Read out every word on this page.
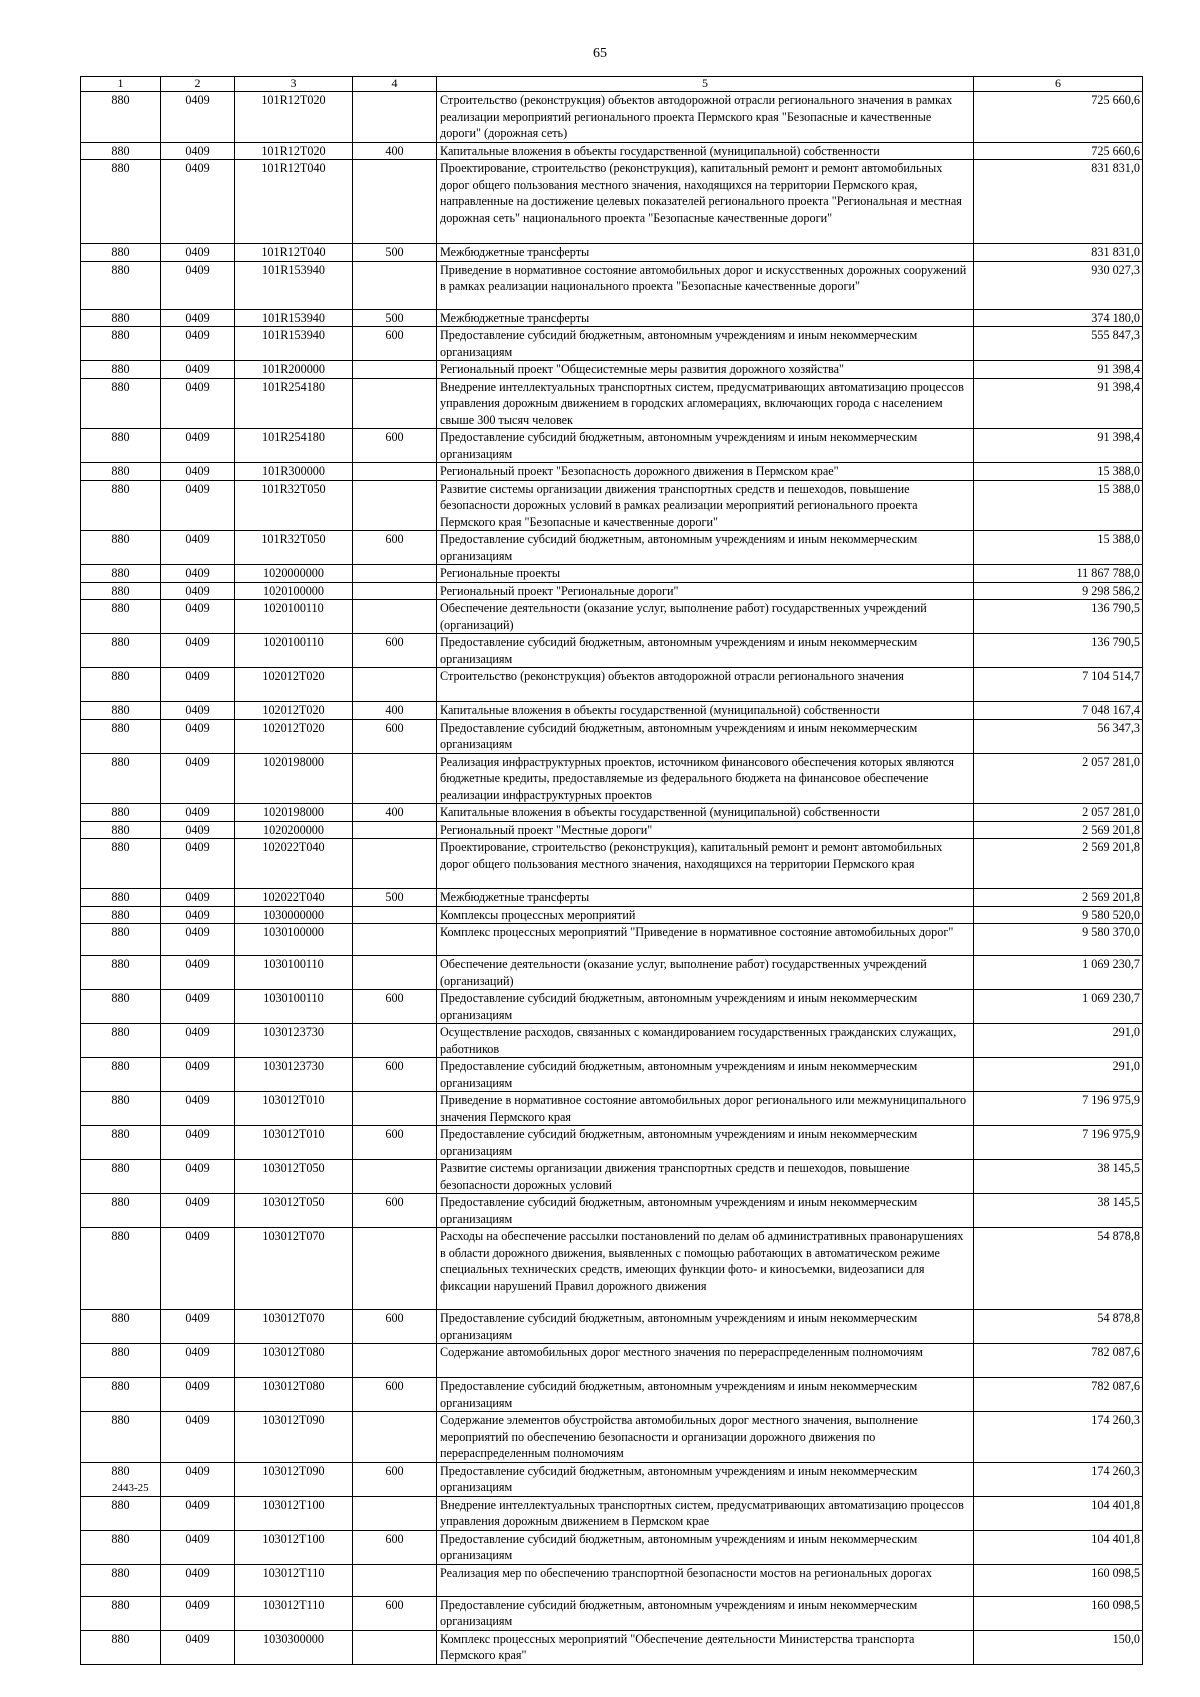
65
1	2	3	4	5	6
880	0409	101R12T020		Строительство (реконструкция) объектов автодорожной отрасли регионального значения в рамках реализации мероприятий регионального проекта Пермского края "Безопасные и качественные дороги" (дорожная сеть)	725 660,6
880	0409	101R12T020	400	Капитальные вложения в объекты государственной (муниципальной) собственности	725 660,6
880	0409	101R12T040		Проектирование, строительство (реконструкция), капитальный ремонт и ремонт автомобильных дорог общего пользования местного значения, находящихся на территории Пермского края, направленные на достижение целевых показателей регионального проекта "Региональная и местная дорожная сеть" национального проекта "Безопасные качественные дороги"	831 831,0
880	0409	101R12T040	500	Межбюджетные трансферты	831 831,0
880	0409	101R153940		Приведение в нормативное состояние автомобильных дорог и искусственных дорожных сооружений в рамках реализации национального проекта "Безопасные качественные дороги"	930 027,3
880	0409	101R153940	500	Межбюджетные трансферты	374 180,0
880	0409	101R153940	600	Предоставление субсидий бюджетным, автономным учреждениям и иным некоммерческим организациям	555 847,3
880	0409	101R200000		Региональный проект "Общесистемные меры развития дорожного хозяйства"	91 398,4
880	0409	101R254180		Внедрение интеллектуальных транспортных систем, предусматривающих автоматизацию процессов управления дорожным движением в городских агломерациях, включающих города с населением свыше 300 тысяч человек	91 398,4
880	0409	101R254180	600	Предоставление субсидий бюджетным, автономным учреждениям и иным некоммерческим организациям	91 398,4
880	0409	101R300000		Региональный проект "Безопасность дорожного движения в Пермском крае"	15 388,0
880	0409	101R32T050		Развитие системы организации движения транспортных средств и пешеходов, повышение безопасности дорожных условий в рамках реализации мероприятий регионального проекта Пермского края "Безопасные и качественные дороги"	15 388,0
880	0409	101R32T050	600	Предоставление субсидий бюджетным, автономным учреждениям и иным некоммерческим организациям	15 388,0
880	0409	1020000000		Региональные проекты	11 867 788,0
880	0409	1020100000		Региональный проект "Региональные дороги"	9 298 586,2
880	0409	1020100110		Обеспечение деятельности (оказание услуг, выполнение работ) государственных учреждений (организаций)	136 790,5
880	0409	1020100110	600	Предоставление субсидий бюджетным, автономным учреждениям и иным некоммерческим организациям	136 790,5
880	0409	102012T020		Строительство (реконструкция) объектов автодорожной отрасли регионального значения	7 104 514,7
880	0409	102012T020	400	Капитальные вложения в объекты государственной (муниципальной) собственности	7 048 167,4
880	0409	102012T020	600	Предоставление субсидий бюджетным, автономным учреждениям и иным некоммерческим организациям	56 347,3
880	0409	1020198000		Реализация инфраструктурных проектов, источником финансового обеспечения которых являются бюджетные кредиты, предоставляемые из федерального бюджета на финансовое обеспечение реализации инфраструктурных проектов	2 057 281,0
880	0409	1020198000	400	Капитальные вложения в объекты государственной (муниципальной) собственности	2 057 281,0
880	0409	1020200000		Региональный проект "Местные дороги"	2 569 201,8
880	0409	102022T040		Проектирование, строительство (реконструкция), капитальный ремонт и ремонт автомобильных дорог общего пользования местного значения, находящихся на территории Пермского края	2 569 201,8
880	0409	102022T040	500	Межбюджетные трансферты	2 569 201,8
880	0409	1030000000		Комплексы процессных мероприятий	9 580 520,0
880	0409	1030100000		Комплекс процессных мероприятий "Приведение в нормативное состояние автомобильных дорог"	9 580 370,0
880	0409	1030100110		Обеспечение деятельности (оказание услуг, выполнение работ) государственных учреждений (организаций)	1 069 230,7
880	0409	1030100110	600	Предоставление субсидий бюджетным, автономным учреждениям и иным некоммерческим организациям	1 069 230,7
880	0409	1030123730		Осуществление расходов, связанных с командированием государственных гражданских служащих, работников	291,0
880	0409	1030123730	600	Предоставление субсидий бюджетным, автономным учреждениям и иным некоммерческим организациям	291,0
880	0409	103012T010		Приведение в нормативное состояние автомобильных дорог регионального или межмуниципального значения Пермского края	7 196 975,9
880	0409	103012T010	600	Предоставление субсидий бюджетным, автономным учреждениям и иным некоммерческим организациям	7 196 975,9
880	0409	103012T050		Развитие системы организации движения транспортных средств и пешеходов, повышение безопасности дорожных условий	38 145,5
880	0409	103012T050	600	Предоставление субсидий бюджетным, автономным учреждениям и иным некоммерческим организациям	38 145,5
880	0409	103012T070		Расходы на обеспечение рассылки постановлений по делам об административных правонарушениях в области дорожного движения, выявленных с помощью работающих в автоматическом режиме специальных технических средств, имеющих функции фото- и киносъемки, видеозаписи для фиксации нарушений Правил дорожного движения	54 878,8
880	0409	103012T070	600	Предоставление субсидий бюджетным, автономным учреждениям и иным некоммерческим организациям	54 878,8
880	0409	103012T080		Содержание автомобильных дорог местного значения по перераспределенным полномочиям	782 087,6
880	0409	103012T080	600	Предоставление субсидий бюджетным, автономным учреждениям и иным некоммерческим организациям	782 087,6
880	0409	103012T090		Содержание элементов обустройства автомобильных дорог местного значения, выполнение мероприятий по обеспечению безопасности и организации дорожного движения по перераспределенным полномочиям	174 260,3
880	0409	103012T090	600	Предоставление субсидий бюджетным, автономным учреждениям и иным некоммерческим организациям	174 260,3
880	0409	103012T100		Внедрение интеллектуальных транспортных систем, предусматривающих автоматизацию процессов управления дорожным движением в Пермском крае	104 401,8
880	0409	103012T100	600	Предоставление субсидий бюджетным, автономным учреждениям и иным некоммерческим организациям	104 401,8
880	0409	103012T110		Реализация мер по обеспечению транспортной безопасности мостов на региональных дорогах	160 098,5
880	0409	103012T110	600	Предоставление субсидий бюджетным, автономным учреждениям и иным некоммерческим организациям	160 098,5
880	0409	1030300000		Комплекс процессных мероприятий "Обеспечение деятельности Министерства транспорта Пермского края"	150,0
2443-25
